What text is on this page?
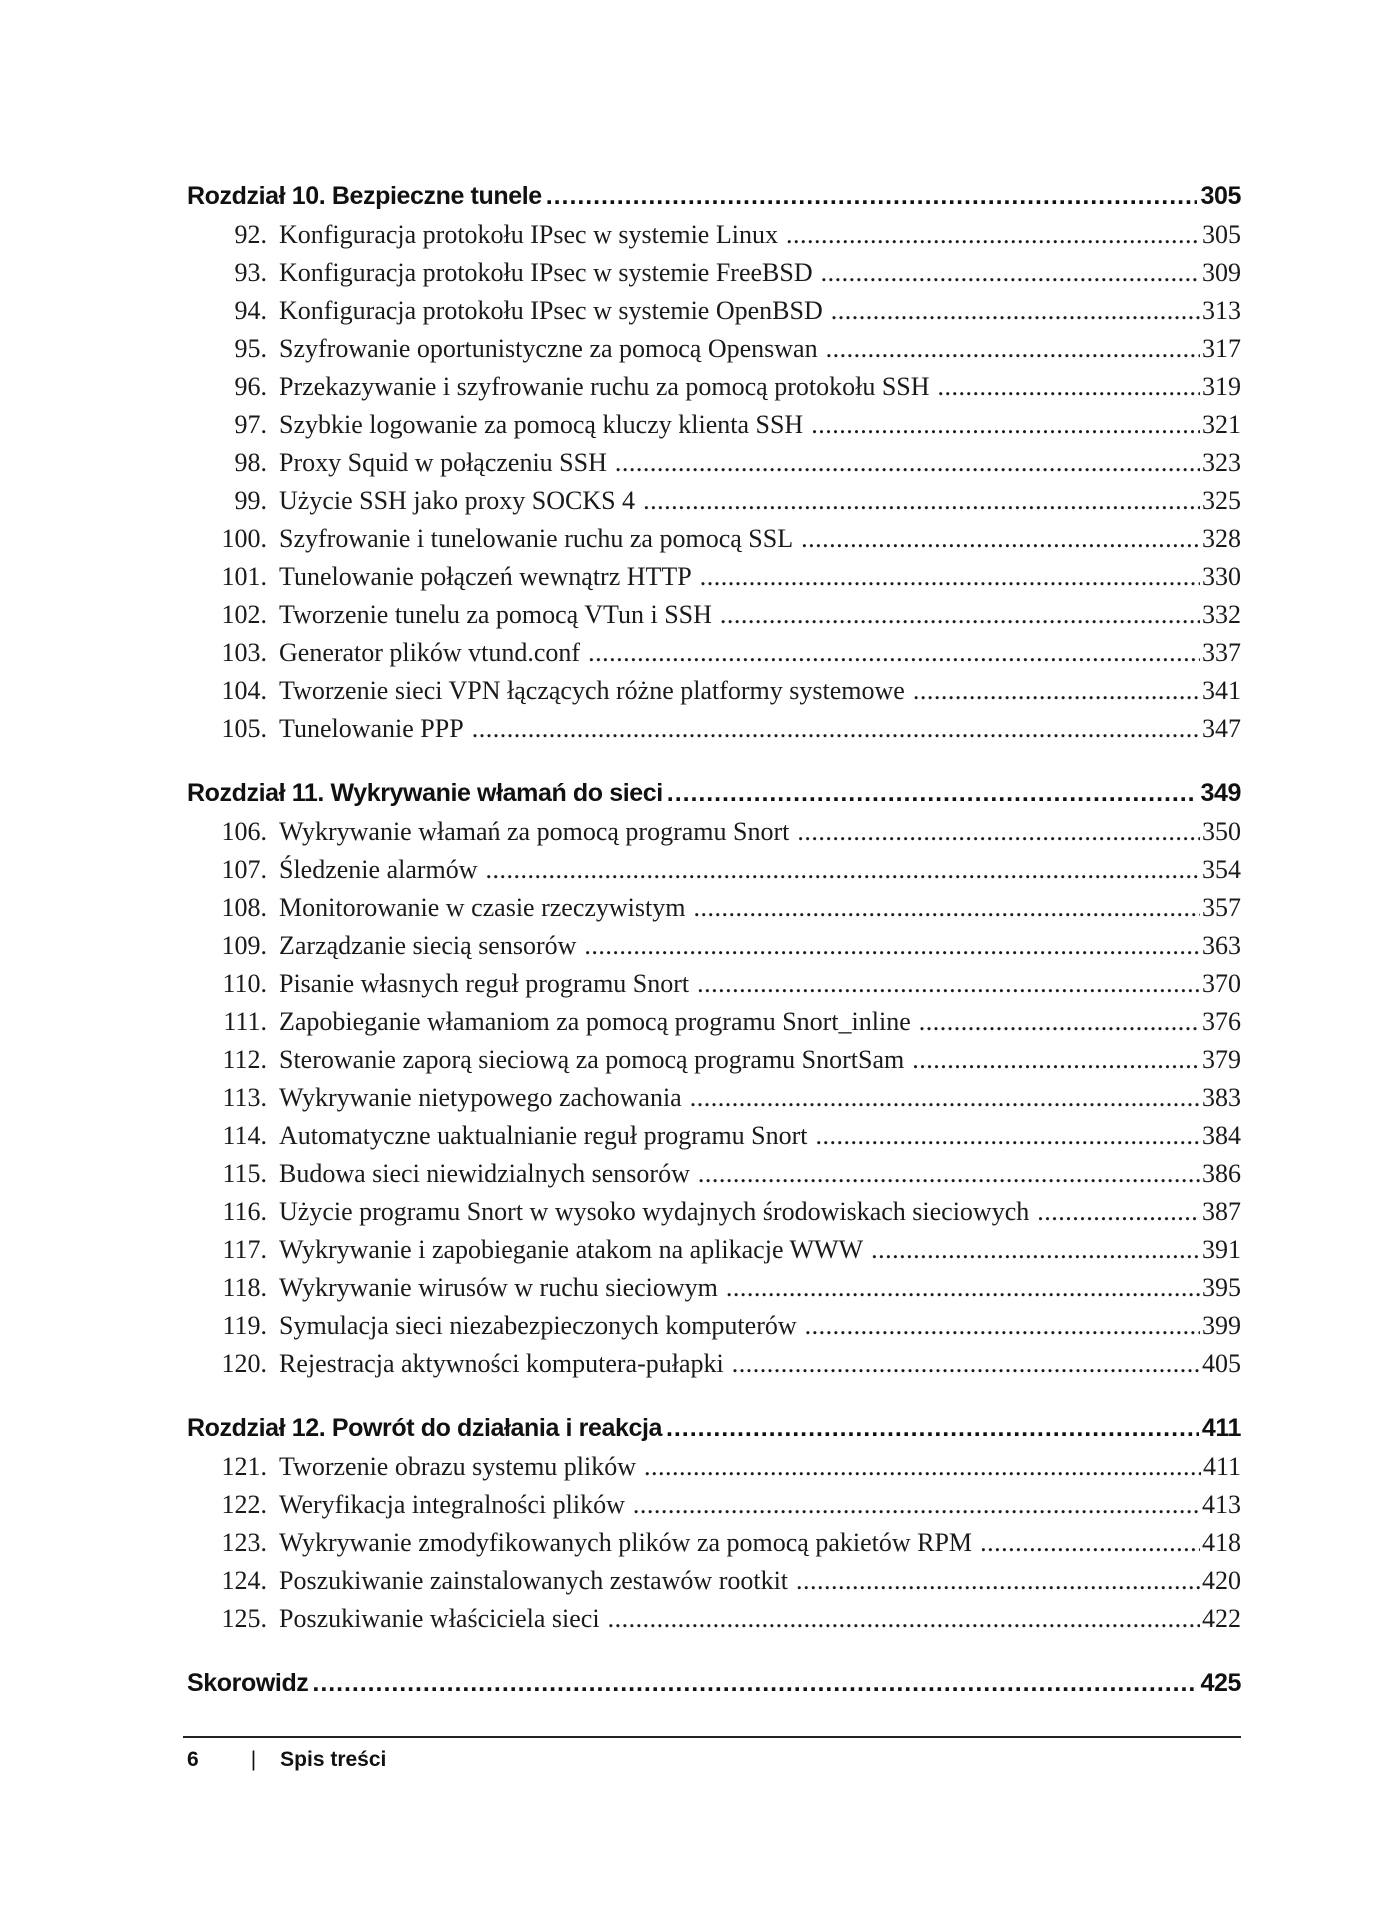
Rozdział 10. Bezpieczne tunele . . .	305
92. Konfiguracja protokołu IPsec w systemie Linux . . .	305
93. Konfiguracja protokołu IPsec w systemie FreeBSD . . .	309
94. Konfiguracja protokołu IPsec w systemie OpenBSD . . .	313
95. Szyfrowanie oportunistyczne za pomocą Openswan . . .	317
96. Przekazywanie i szyfrowanie ruchu za pomocą protokołu SSH . . .	319
97. Szybkie logowanie za pomocą kluczy klienta SSH . . .	321
98. Proxy Squid w połączeniu SSH . . .	323
99. Użycie SSH jako proxy SOCKS 4 . . .	325
100. Szyfrowanie i tunelowanie ruchu za pomocą SSL . . .	328
101. Tunelowanie połączeń wewnątrz HTTP . . .	330
102. Tworzenie tunelu za pomocą VTun i SSH . . .	332
103. Generator plików vtund.conf . . .	337
104. Tworzenie sieci VPN łączących różne platformy systemowe . . .	341
105. Tunelowanie PPP . . .	347
Rozdział 11. Wykrywanie włamań do sieci . . .	349
106. Wykrywanie włamań za pomocą programu Snort . . .	350
107. Śledzenie alarmów . . .	354
108. Monitorowanie w czasie rzeczywistym . . .	357
109. Zarządzanie siecią sensorów . . .	363
110. Pisanie własnych reguł programu Snort . . .	370
111. Zapobieganie włamaniom za pomocą programu Snort_inline . . .	376
112. Sterowanie zaporą sieciową za pomocą programu SnortSam . . .	379
113. Wykrywanie nietypowego zachowania . . .	383
114. Automatyczne uaktualnianie reguł programu Snort . . .	384
115. Budowa sieci niewidzialnych sensorów . . .	386
116. Użycie programu Snort w wysoko wydajnych środowiskach sieciowych . . .	387
117. Wykrywanie i zapobieganie atakom na aplikacje WWW . . .	391
118. Wykrywanie wirusów w ruchu sieciowym . . .	395
119. Symulacja sieci niezabezpieczonych komputerów . . .	399
120. Rejestracja aktywności komputera-pułapki . . .	405
Rozdział 12. Powrót do działania i reakcja . . .	411
121. Tworzenie obrazu systemu plików . . .	411
122. Weryfikacja integralności plików . . .	413
123. Wykrywanie zmodyfikowanych plików za pomocą pakietów RPM . . .	418
124. Poszukiwanie zainstalowanych zestawów rootkit . . .	420
125. Poszukiwanie właściciela sieci . . .	422
Skorowidz . . .	425
6 | Spis treści
